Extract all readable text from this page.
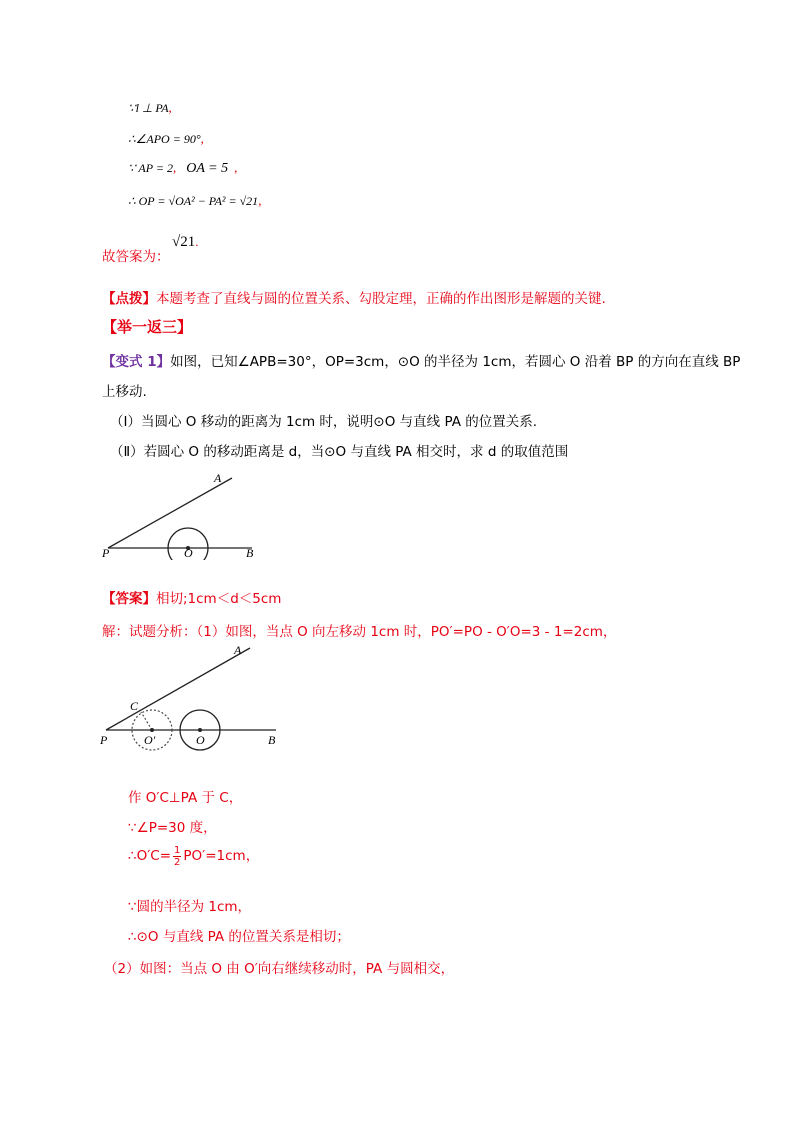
∵l ⊥ PA,
∴∠APO = 90°,
∵ AP = 2, OA = 5 ,
∴ OP = √OA² − PA² = √21,
故答案为：
√21.
【点拨】本题考查了直线与圆的位置关系、勾股定理，正确的作出图形是解题的关键.
【举一返三】
【变式 1】如图，已知∠APB=30°，OP=3cm，⊙O 的半径为 1cm，若圆心 O 沿着 BP 的方向在直线 BP
上移动.
（Ⅰ）当圆心 O 移动的距离为 1cm 时，说明⊙O 与直线 PA 的位置关系.
（Ⅱ）若圆心 O 的移动距离是 d，当⊙O 与直线 PA 相交时，求 d 的取值范围
A
P	O	B
【答案】相切;1cm＜d＜5cm
解：试题分析：（1）如图，当点 O 向左移动 1cm 时，PO′=PO - O′O=3 - 1=2cm，
A
C
P	O′	O	B
作 O′C⊥PA 于 C，
∵∠P=30 度，
∴O′C= $\frac{1}{2} PO'=1cm$，
∵圆的半径为 1cm，
∴⊙O 与直线 PA 的位置关系是相切；
（2）如图：当点 O 由 O′向右继续移动时，PA 与圆相交，
